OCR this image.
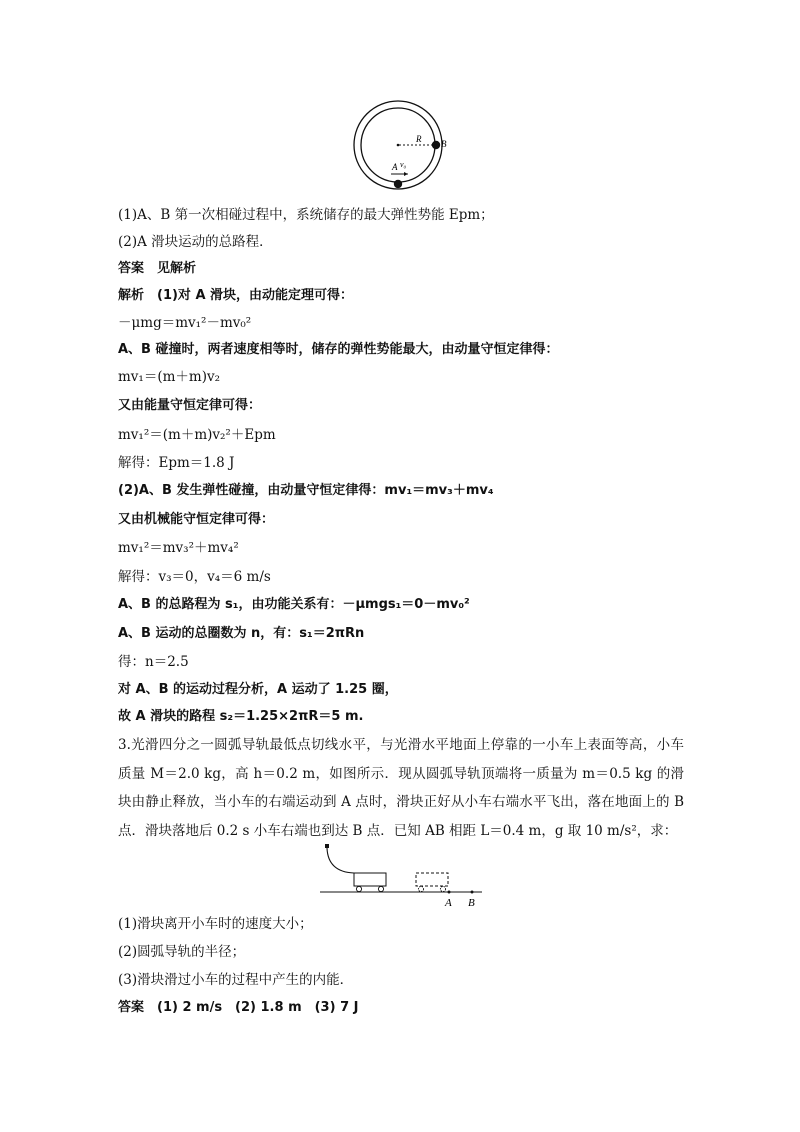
R B
A v₀
(1)A、B 第一次相碰过程中，系统储存的最大弹性势能 Epm；
(2)A 滑块运动的总路程．
答案　见解析
解析　(1)对 A 滑块，由动能定理可得：
－μmg＝mv₁²－mv₀²
A、B 碰撞时，两者速度相等时，储存的弹性势能最大，由动量守恒定律得：
mv₁＝(m＋m)v₂
又由能量守恒定律可得：
mv₁²＝(m＋m)v₂²＋Epm
解得：Epm＝1.8 J
(2)A、B 发生弹性碰撞，由动量守恒定律得：mv₁＝mv₃＋mv₄
又由机械能守恒定律可得：
mv₁²＝mv₃²＋mv₄²
解得：v₃＝0，v₄＝6 m/s
A、B 的总路程为 s₁，由功能关系有：－μmgs₁＝0－mv₀²
A、B 运动的总圈数为 n，有：s₁＝2πRn
得：n＝2.5
对 A、B 的运动过程分析，A 运动了 1.25 圈，
故 A 滑块的路程 s₂＝1.25×2πR＝5 m.
3.光滑四分之一圆弧导轨最低点切线水平，与光滑水平地面上停靠的一小车上表面等高，小车质量 M＝2.0 kg，高 h＝0.2 m，如图所示．现从圆弧导轨顶端将一质量为 m＝0.5 kg 的滑块由静止释放，当小车的右端运动到 A 点时，滑块正好从小车右端水平飞出，落在地面上的 B 点．滑块落地后 0.2 s 小车右端也到达 B 点．已知 AB 相距 L＝0.4 m，g 取 10 m/s²，求：
A B
(1)滑块离开小车时的速度大小；
(2)圆弧导轨的半径；
(3)滑块滑过小车的过程中产生的内能．
答案　(1) 2 m/s　(2) 1.8 m　(3) 7 J
